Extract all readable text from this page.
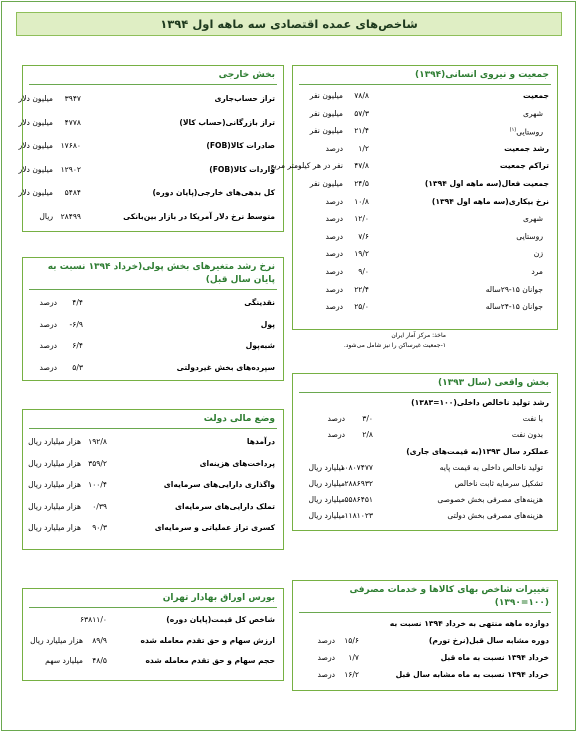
شاخص‌های عمده اقتصادی سه ماهه اول ۱۳۹۴
بخش خارجی
تراز حساب‌جاری
۳۹۴۷
میلیون دلار
تراز بازرگانی(حساب کالا)
۴۷۷۸
میلیون دلار
صادرات کالا(FOB)
۱۷۶۸۰
میلیون دلار
واردات کالا(FOB)
۱۲۹۰۲
میلیون دلار
کل بدهی‌های خارجی(پایان دوره)
۵۴۸۴
میلیون دلار
متوسط نرخ دلار آمریکا در بازار بین‌بانکی
۲۸۴۹۹
ریال
جمعیت و نیروی انسانی(۱۳۹۴)
جمعیت
۷۸/۸
میلیون نفر
شهری
۵۷/۳
میلیون نفر
روستایی$^{(۱)}$
۲۱/۴
میلیون نفر
رشد جمعیت
۱/۲
درصد
تراکم جمعیت
۴۷/۸
نفر در هر کیلومتر مربع
جمعیت فعال(سه ماهه اول ۱۳۹۴)
۲۴/۵
میلیون نفر
نرخ بیکاری(سه ماهه اول ۱۳۹۴)
۱۰/۸
درصد
شهری
۱۲/۰
درصد
روستایی
۷/۶
درصد
زن
۱۹/۲
درصد
مرد
۹/۰
درصد
جوانان ۱۵-۲۹ساله
۲۲/۴
درصد
جوانان ۱۵-۲۴ساله
۲۵/۰
درصد
ماخذ: مرکز آمار ایران
۱-جمعیت غیرساکن را نیز شامل می‌شود.
نرخ رشد متغیرهای بخش پولی(خرداد ۱۳۹۴ نسبت به پایان سال قبل)
نقدینگی
۴/۴
درصد
پول
-۶/۹
درصد
شبه‌پول
۶/۴
درصد
سپرده‌های بخش غیردولتی
۵/۳
درصد
بخش واقعی (سال ۱۳۹۳)
رشد تولید ناخالص داخلی(۱۰۰=۱۳۸۳)
با نفت
۳/۰
درصد
بدون نفت
۲/۸
درصد
عملکرد سال ۱۳۹۳(به قیمت‌های جاری)
تولید ناخالص داخلی به قیمت پایه
۱۰۸۰۷۴۷۷
میلیارد ریال
تشکیل سرمایه ثابت ناخالص
۲۸۸۶۹۳۲
میلیارد ریال
هزینه‌های مصرفی بخش خصوصی
۵۵۸۶۴۵۱
میلیارد ریال
هزینه‌های مصرفی بخش دولتی
۱۱۸۱۰۲۳
میلیارد ریال
وضع مالی دولت
درآمدها
۱۹۲/۸
هزار میلیارد ریال
پرداخت‌های هزینه‌ای
۳۵۹/۲
هزار میلیارد ریال
واگذاری دارایی‌های سرمایه‌ای
۱۰۰/۴
هزار میلیارد ریال
تملک دارایی‌های سرمایه‌ای
۰/۳۹
هزار میلیارد ریال
کسری تراز عملیاتی و سرمایه‌ای
۹۰/۳
هزار میلیارد ریال
بورس اوراق بهادار تهران
شاخص کل قیمت(پایان دوره)
۶۳۸۱۱/۰
ارزش سهام و حق تقدم معامله شده
۸۹/۹
هزار میلیارد ریال
حجم سهام و حق تقدم معامله شده
۴۸/۵
میلیارد سهم
تغییرات شاخص بهای کالاها و خدمات مصرفی
(۱۰۰=۱۳۹۰)
دوازده ماهه منتهی به خرداد ۱۳۹۴ نسبت به
دوره مشابه سال قبل(نرخ تورم)
۱۵/۶
درصد
خرداد ۱۳۹۴ نسبت به ماه قبل
۱/۷
درصد
خرداد ۱۳۹۴ نسبت به ماه مشابه سال قبل
۱۶/۲
درصد
